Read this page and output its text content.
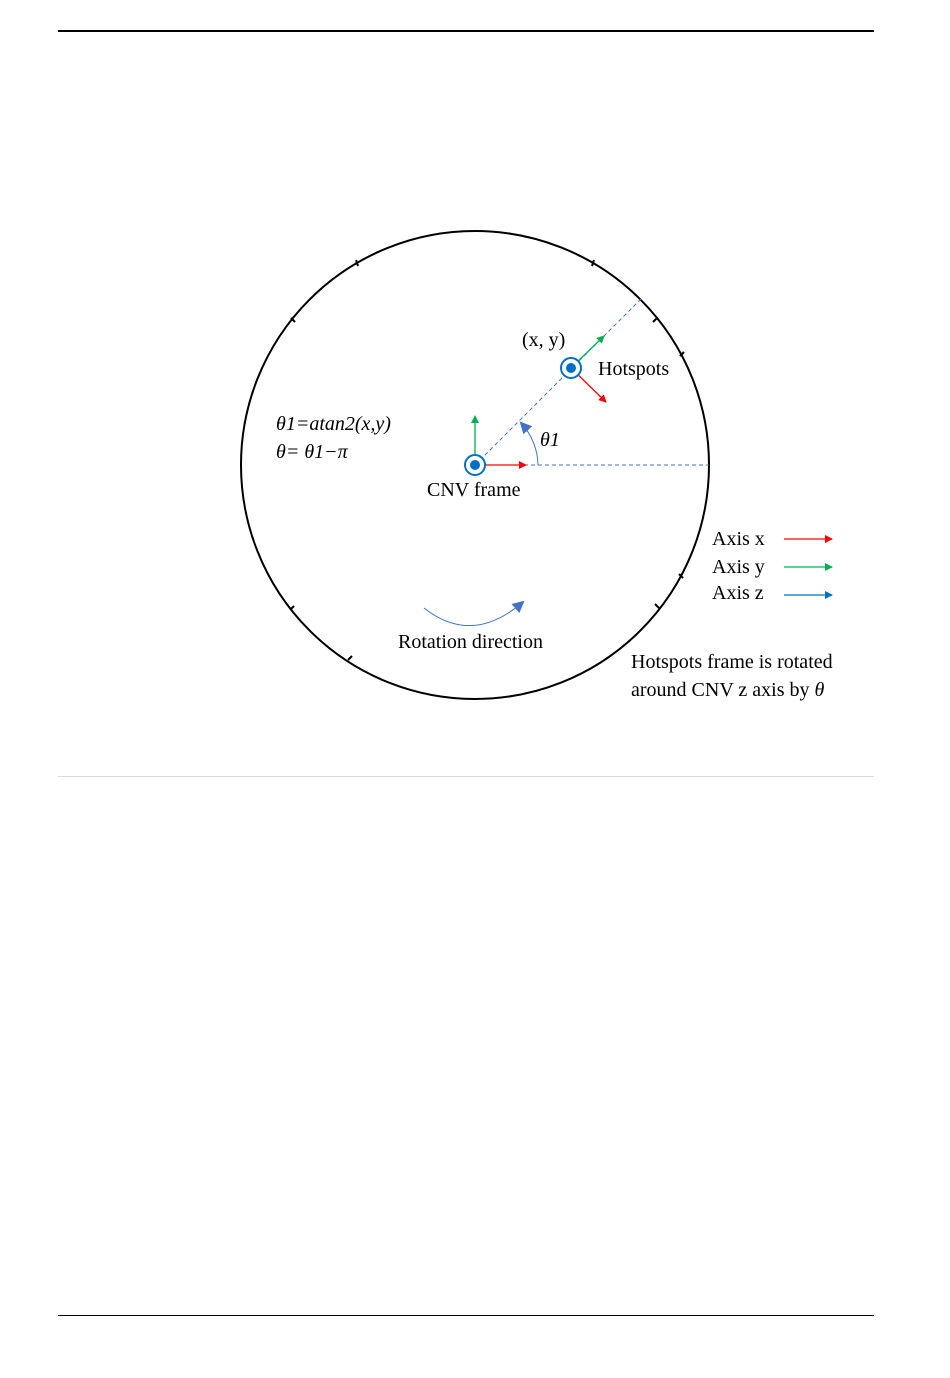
(x, y)
Hotspots
θ1=atan2(x,y)
θ= θ1−π
θ1
CNV frame
Rotation direction
Axis x
Axis y
Axis z
Hotspots frame is rotated
around CNV z axis by θ
